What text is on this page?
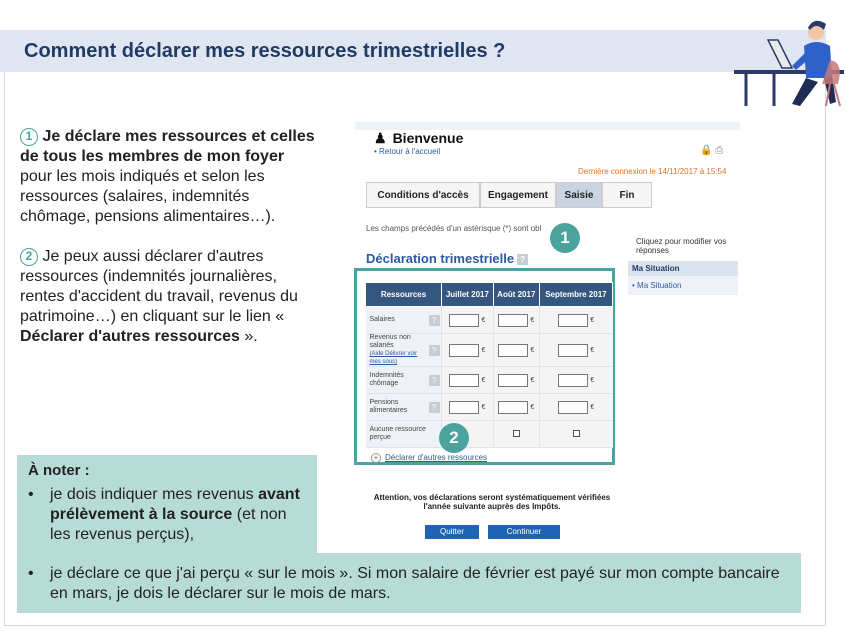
Comment déclarer mes ressources trimestrielles ?

1 Je déclare mes ressources et celles de tous les membres de mon foyer pour les mois indiqués et selon les ressources (salaires, indemnités chômage, pensions alimentaires…).

2 Je peux aussi déclarer d'autres ressources (indemnités journalières, rentes d'accident du travail, revenus du patrimoine…) en cliquant sur le lien « Déclarer d'autres ressources ».

À noter :
• je dois indiquer mes revenus avant prélèvement à la source (et non les revenus perçus),
• je déclare ce que j'ai perçu « sur le mois ». Si mon salaire de février est payé sur mon compte bancaire en mars, je dois le déclarer sur le mois de mars.
♟ Bienvenue
• Retour à l'accueil	🔒 ⎙
Dernière connexion le 14/11/2017 à 15:54
Conditions d'accès	Engagement	Saisie	Fin
Les champs précédés d'un astérisque (*) sont obl
Déclaration trimestrielle ?
Cliquez pour modifier vos réponses
Ma Situation
• Ma Situation
Ressources		Juillet 2017	Août 2017	Septembre 2017
Salaires	?	€	€	€
Revenus non salariés
(Aide Délivrer voir mes sous)	?	€	€	€
Indemnités chômage	?	€	€	€
Pensions alimentaires	?	€	€	€
Aucune ressource perçue				
+ Déclarer d'autres ressources
Attention, vos déclarations seront systématiquement vérifiées l'année suivante auprès des Impôts.
Quitter	Continuer
1
2
